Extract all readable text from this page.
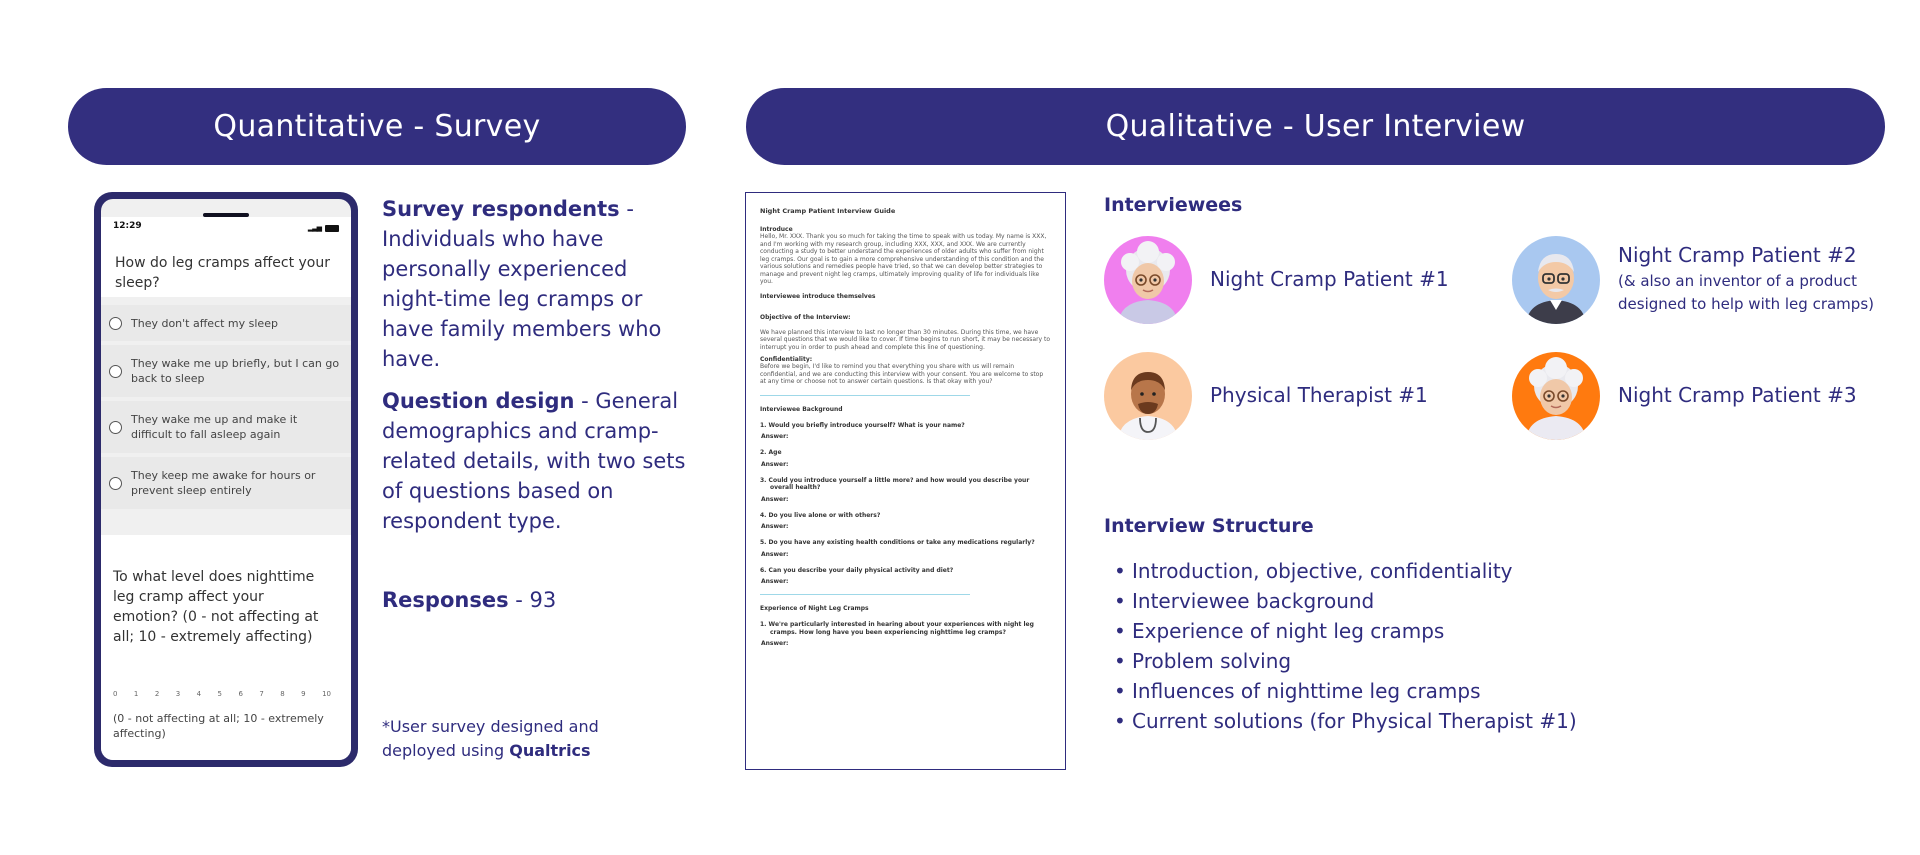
Quantitative - Survey	Qualitative - User Interview
12:29	▂▃▅
How do leg cramps affect your sleep?
They don't affect my sleep
They wake me up briefly, but I can go back to sleep
They wake me up and make it difficult to fall asleep again
They keep me awake for hours or prevent sleep entirely
To what level does nighttime leg cramp affect your emotion? (0 - not affecting at all; 10 - extremely affecting)
0 1 2 3 4 5 6 7 8 9 10
(0 - not affecting at all; 10 - extremely affecting)
Survey respondents - Individuals who have personally experienced night-time leg cramps or have family members who have.
Question design - General demographics and cramp-related details, with two sets of questions based on respondent type.
Responses - 93
*User survey designed and deployed using Qualtrics
Night Cramp Patient Interview Guide
Introduce
Hello, Mr. XXX. Thank you so much for taking the time to speak with us today. My name is XXX, and I'm working with my research group, including XXX, XXX, and XXX. We are currently conducting a study to better understand the experiences of older adults who suffer from night leg cramps. Our goal is to gain a more comprehensive understanding of this condition and the various solutions and remedies people have tried, so that we can develop better strategies to manage and prevent night leg cramps, ultimately improving quality of life for individuals like you.
Interviewee introduce themselves
Objective of the Interview:
We have planned this interview to last no longer than 30 minutes. During this time, we have several questions that we would like to cover. If time begins to run short, it may be necessary to interrupt you in order to push ahead and complete this line of questioning.
Confidentiality:
Before we begin, I'd like to remind you that everything you share with us will remain confidential, and we are conducting this interview with your consent. You are welcome to stop at any time or choose not to answer certain questions. Is that okay with you?
Interviewee Background
1. Would you briefly introduce yourself? What is your name?
Answer:
2. Age
Answer:
3. Could you introduce yourself a little more? and how would you describe your overall health?
Answer:
4. Do you live alone or with others?
Answer:
5. Do you have any existing health conditions or take any medications regularly?
Answer:
6. Can you describe your daily physical activity and diet?
Answer:
Experience of Night Leg Cramps
1. We're particularly interested in hearing about your experiences with night leg cramps. How long have you been experiencing nighttime leg cramps?
Answer:
Interviewees
Night Cramp Patient #1
Night Cramp Patient #2
(& also an inventor of a product designed to help with leg cramps)
Physical Therapist #1	Night Cramp Patient #3
Interview Structure
• Introduction, objective, confidentiality
• Interviewee background
• Experience of night leg cramps
• Problem solving
• Influences of nighttime leg cramps
• Current solutions (for Physical Therapist #1)
